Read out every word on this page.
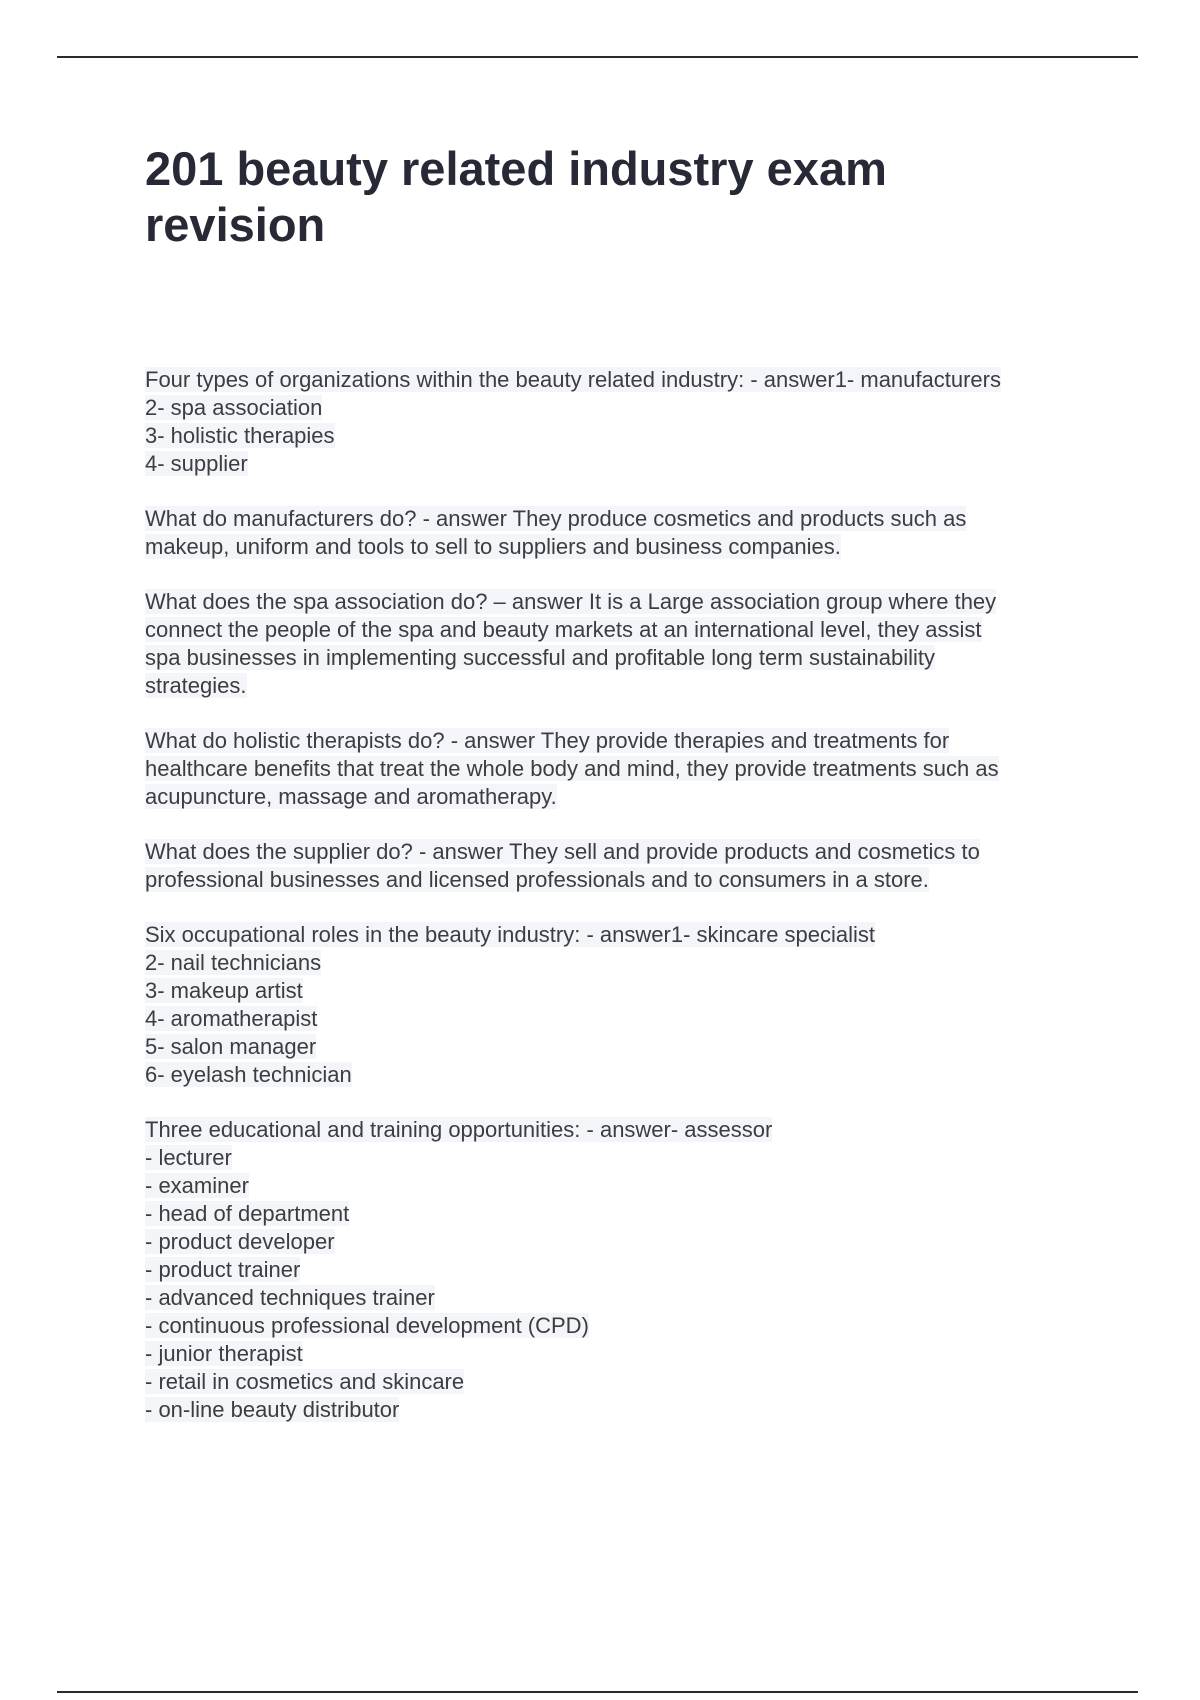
201 beauty related industry exam revision

Four types of organizations within the beauty related industry: - answer1- manufacturers
2- spa association
3- holistic therapies
4- supplier

What do manufacturers do? - answer They produce cosmetics and products such as
makeup, uniform and tools to sell to suppliers and business companies.

What does the spa association do? – answer It is a Large association group where they
connect the people of the spa and beauty markets at an international level, they assist
spa businesses in implementing successful and profitable long term sustainability
strategies.

What do holistic therapists do? - answer They provide therapies and treatments for
healthcare benefits that treat the whole body and mind, they provide treatments such as
acupuncture, massage and aromatherapy.

What does the supplier do? - answer They sell and provide products and cosmetics to
professional businesses and licensed professionals and to consumers in a store.

Six occupational roles in the beauty industry: - answer1- skincare specialist
2- nail technicians
3- makeup artist
4- aromatherapist
5- salon manager
6- eyelash technician

Three educational and training opportunities: - answer- assessor
- lecturer
- examiner
- head of department
- product developer
- product trainer
- advanced techniques trainer
- continuous professional development (CPD)
- junior therapist
- retail in cosmetics and skincare
- on-line beauty distributor
